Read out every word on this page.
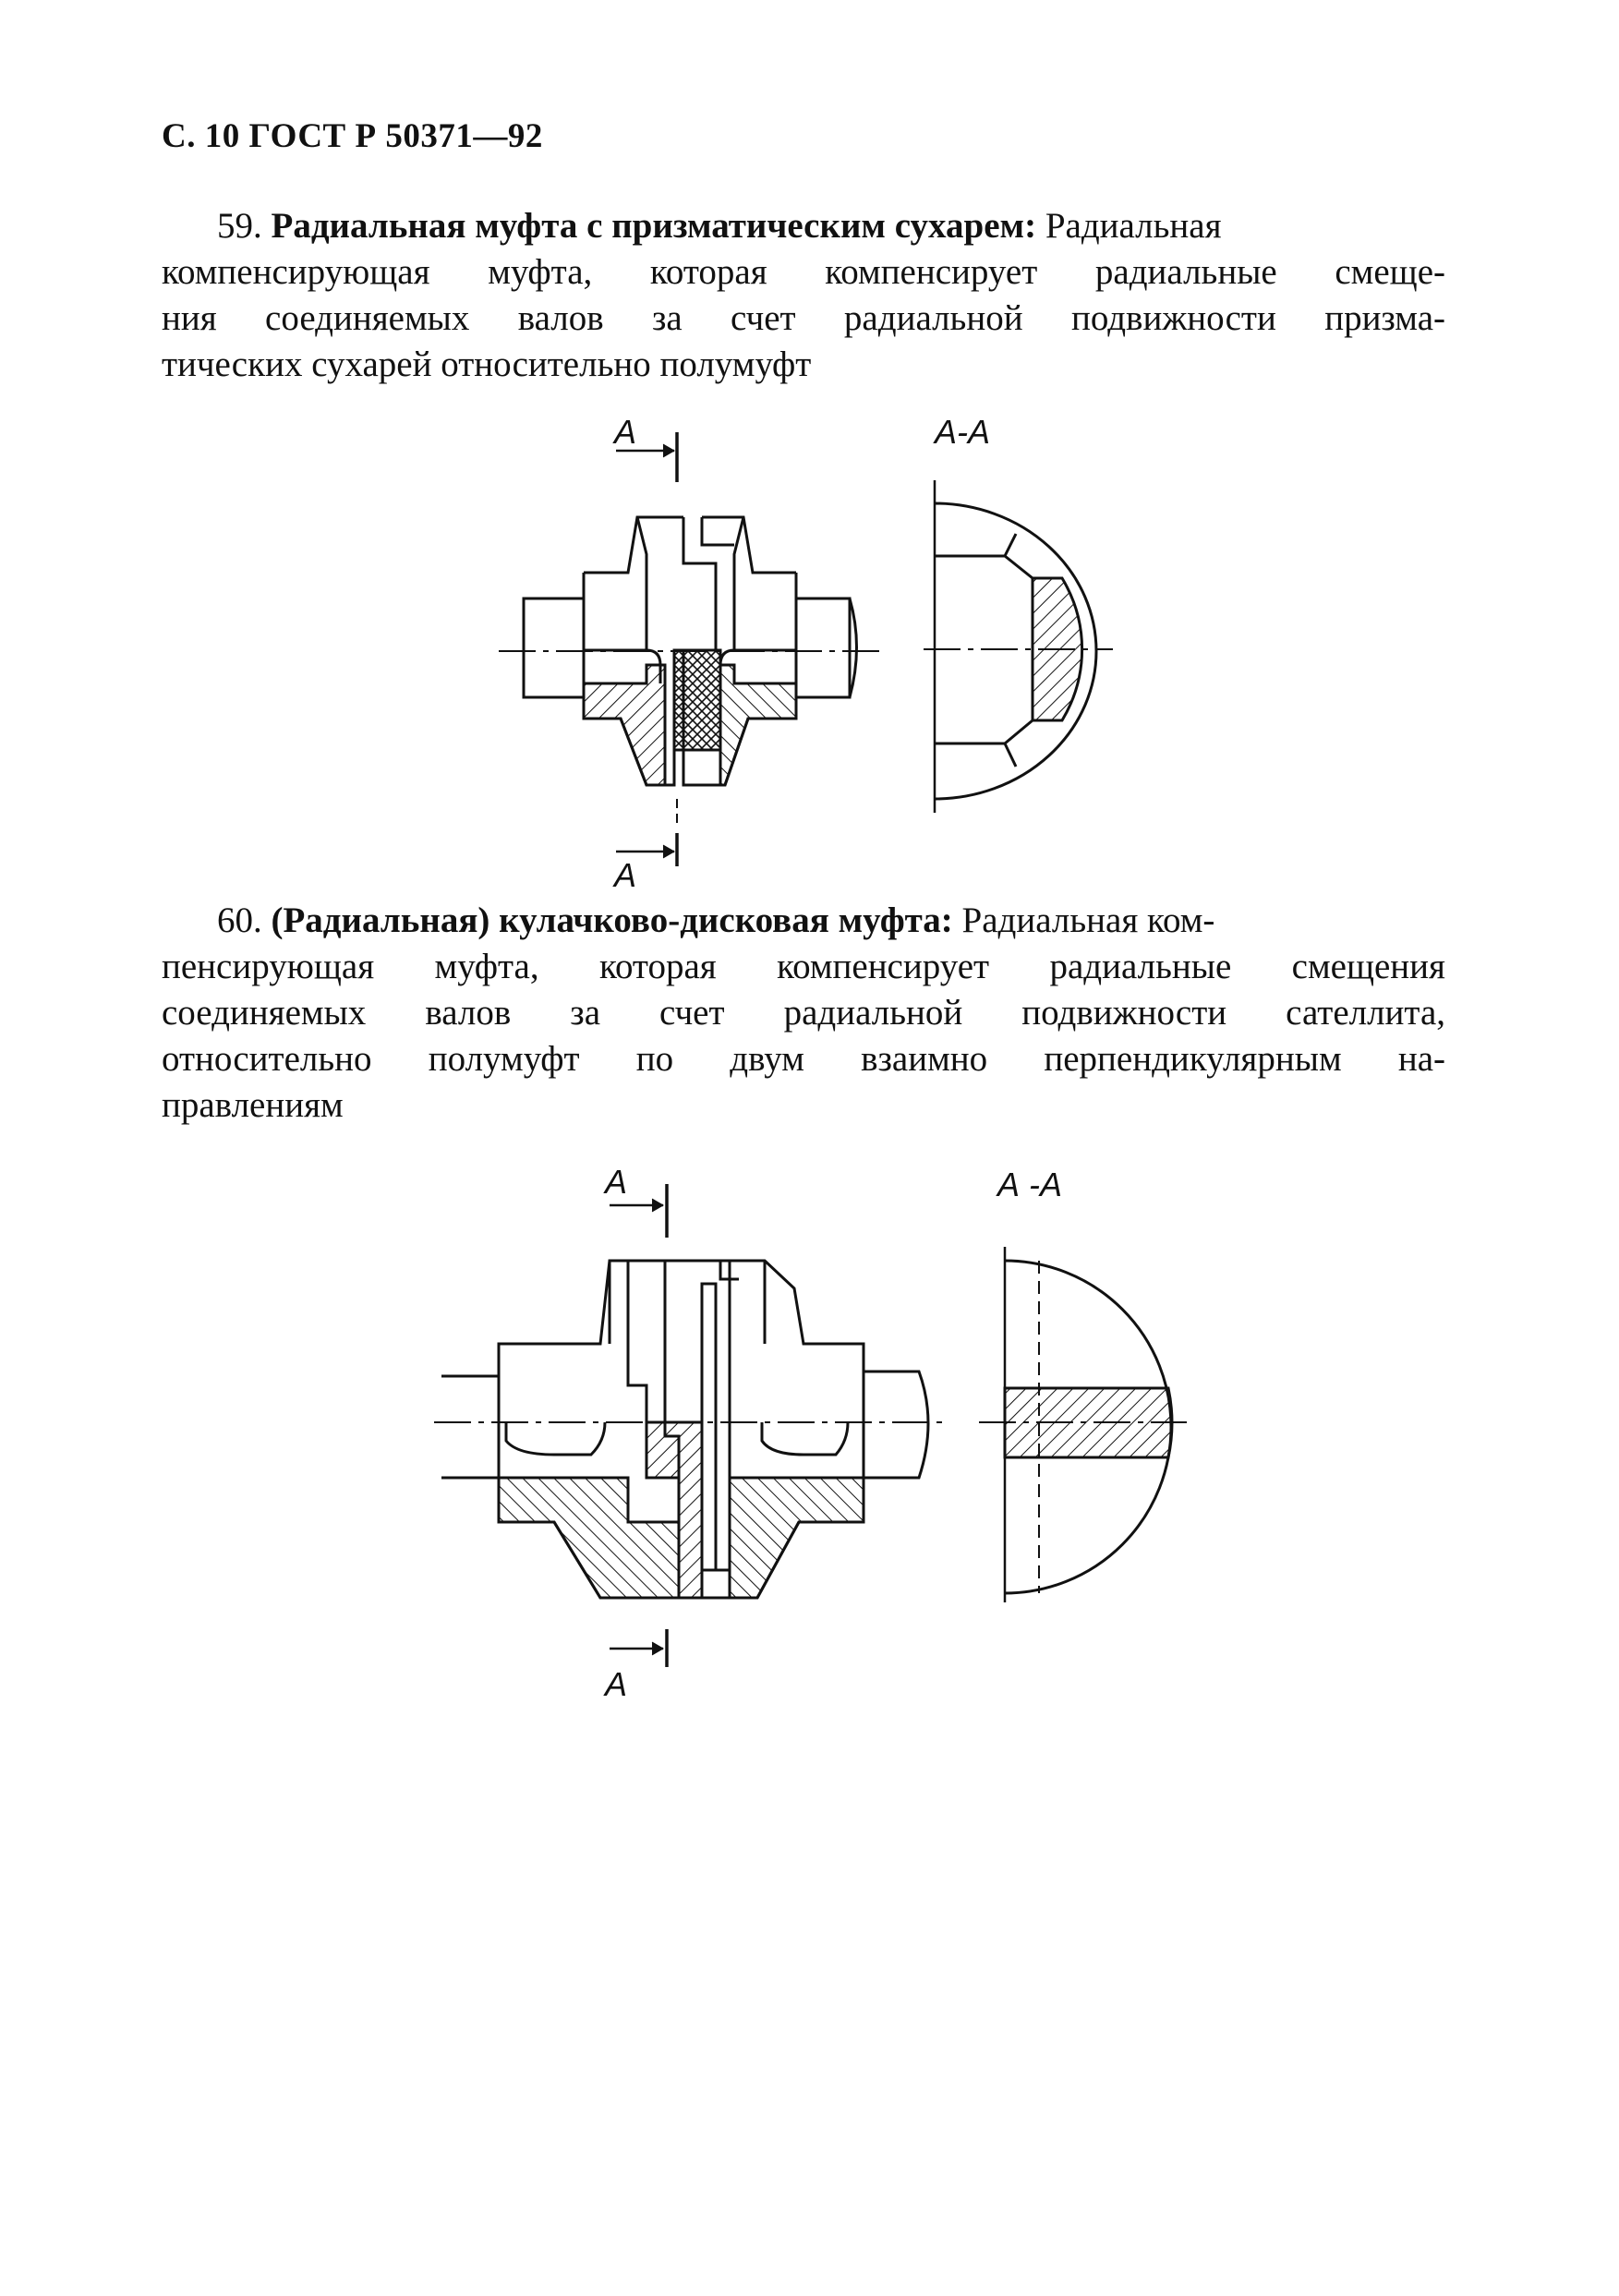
С. 10 ГОСТ Р 50371—92
59. Радиальная муфта с призматическим сухарем: Радиальная
компенсирующая муфта, которая компенсирует радиальные смеще-
ния соединяемых валов за счет радиальной подвижности призма-
тических сухарей относительно полумуфт
60. (Радиальная) кулачково-дисковая муфта: Радиальная ком-
пенсирующая муфта, которая компенсирует радиальные смещения
соединяемых валов за счет радиальной подвижности сателлита,
относительно полумуфт по двум взаимно перпендикулярным на-
правлениям
А
А
А-А
А
А
А -А
